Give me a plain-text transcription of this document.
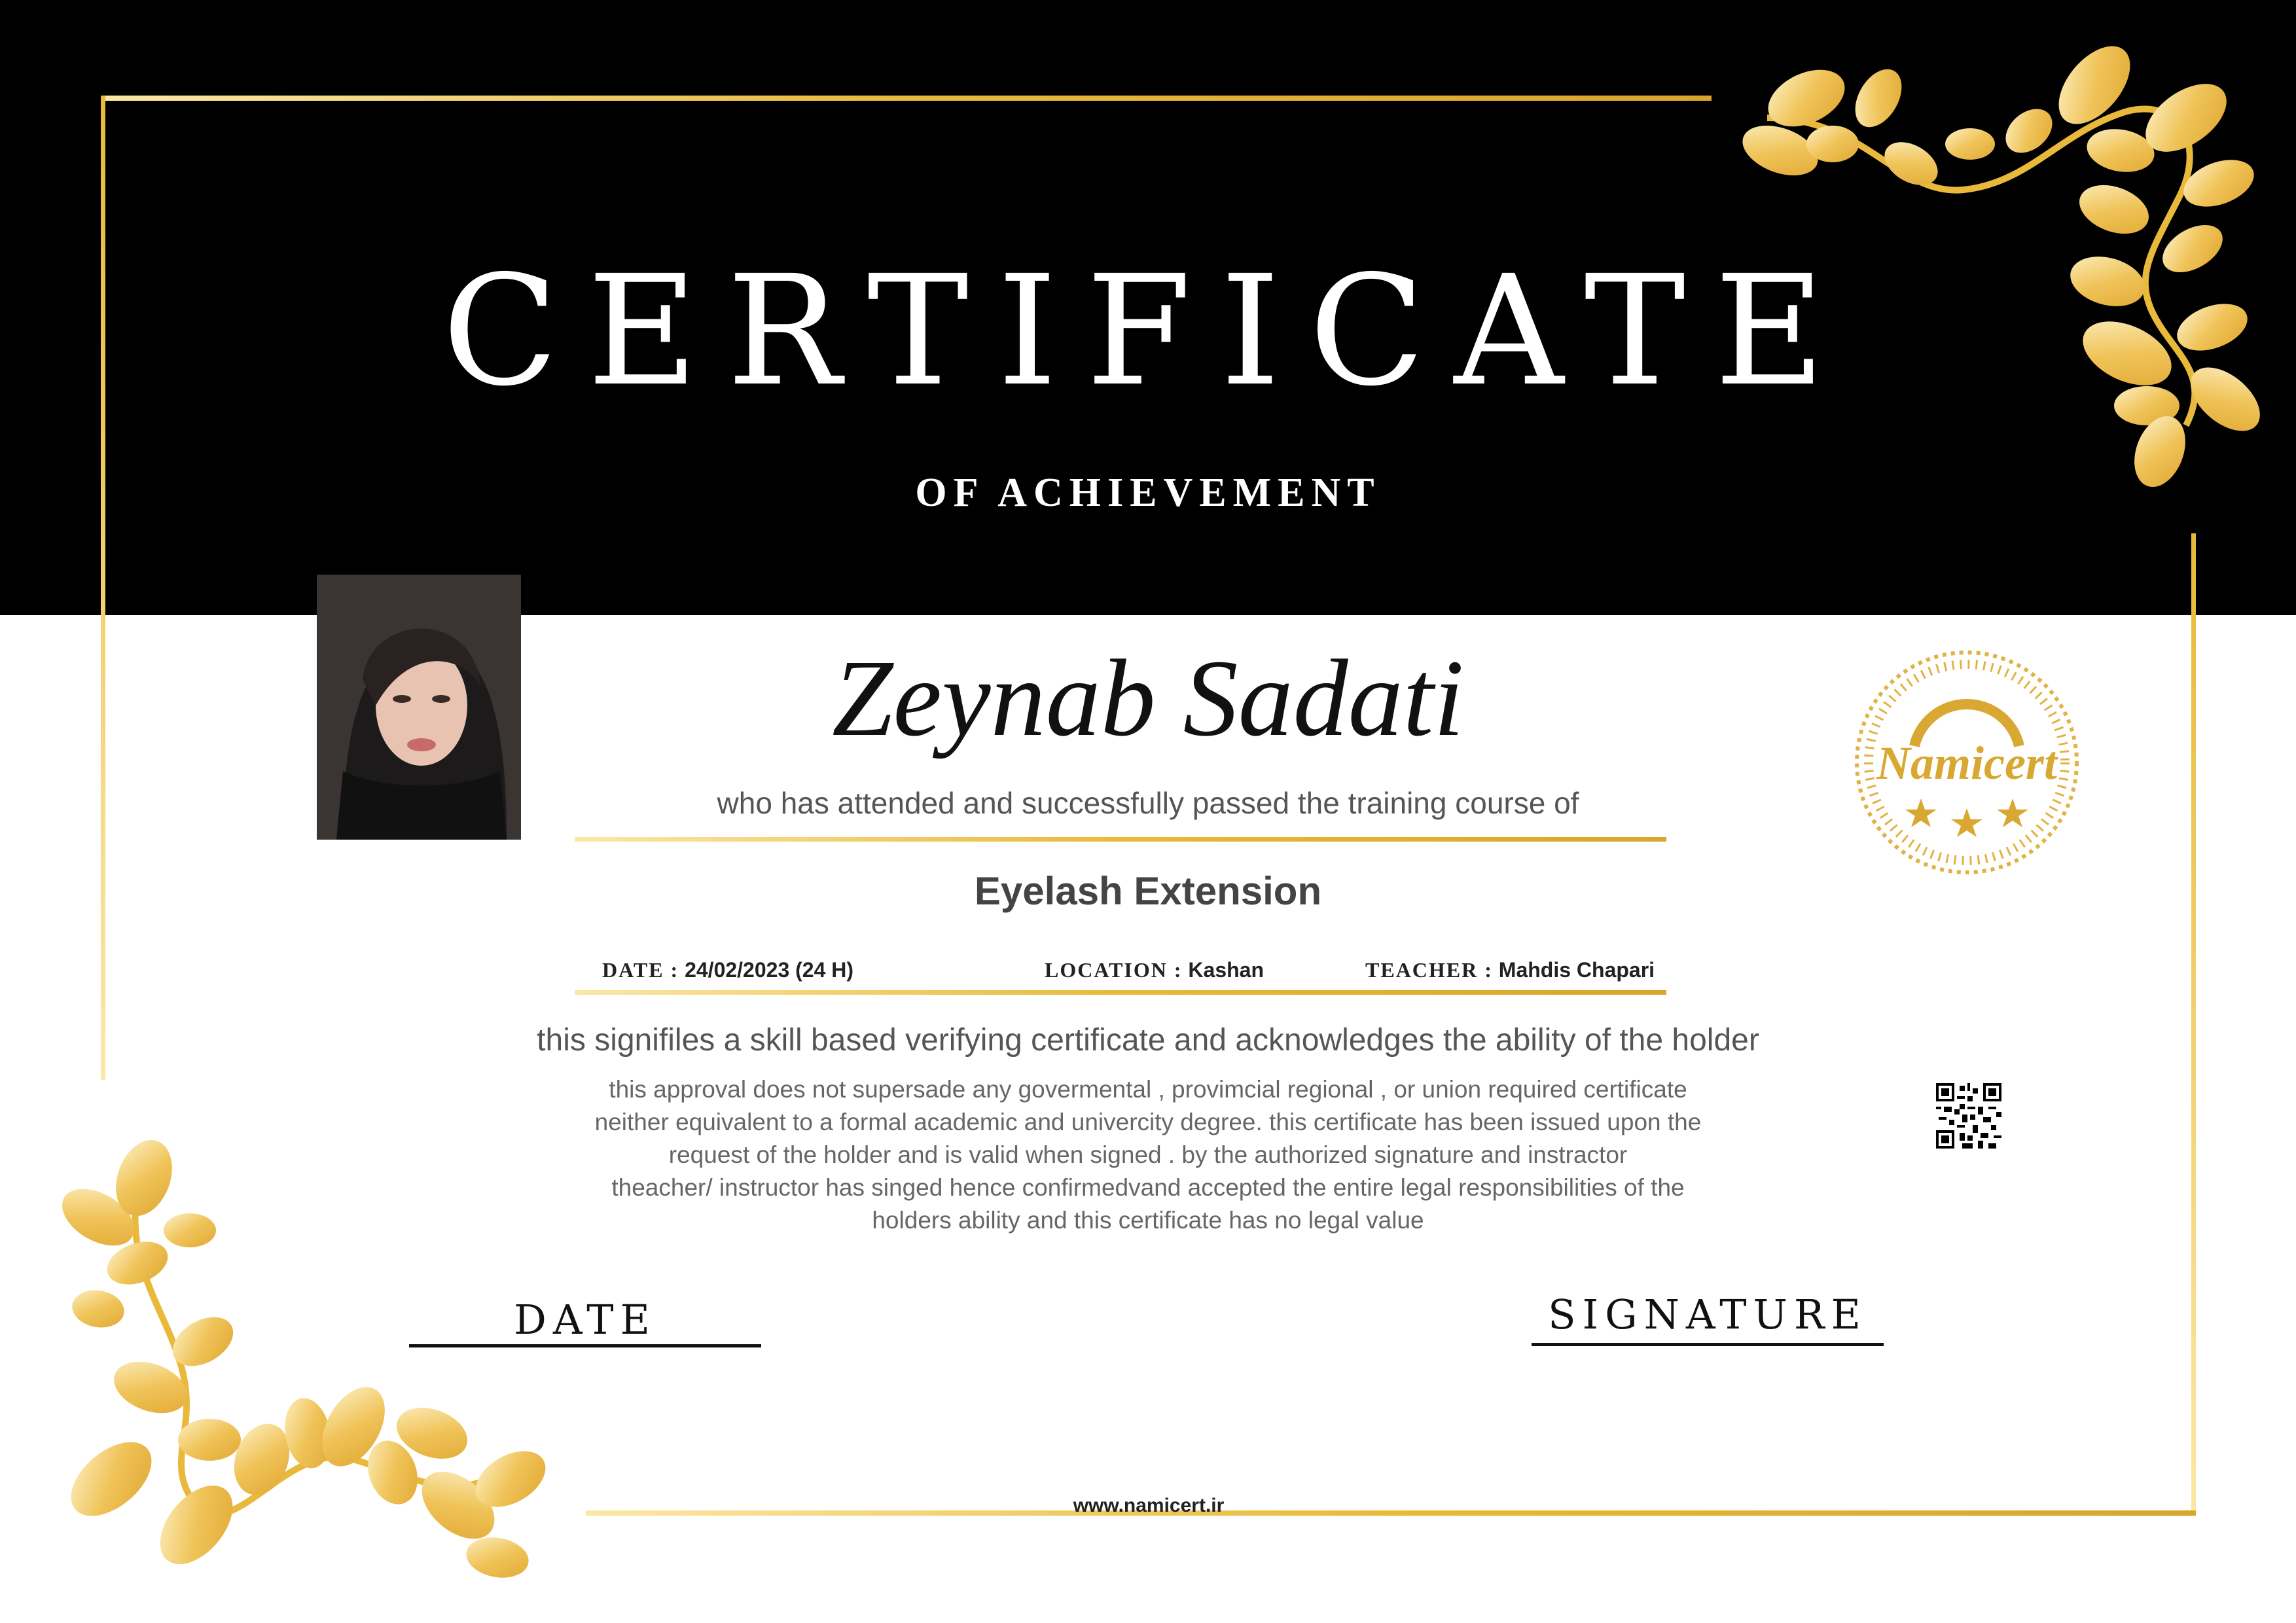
CERTIFICATE
OF ACHIEVEMENT
Zeynab Sadati
who has attended and successfully passed the training course of
Eyelash Extension
DATE : 24/02/2023 (24 H)	LOCATION : Kashan	TEACHER : Mahdis Chapari
this signifiles a skill based verifying certificate and acknowledges the ability of the holder
this approval does not supersade any govermental , provimcial regional , or union required certificate
neither equivalent to a formal academic and univercity degree. this certificate has been issued upon the
request of the holder and is valid when signed . by the authorized signature and instractor
theacher/ instructor has singed hence confirmedvand accepted the entire legal responsibilities of the
holders ability and this certificate has no legal value
Namicert
DATE	SIGNATURE
www.namicert.ir
